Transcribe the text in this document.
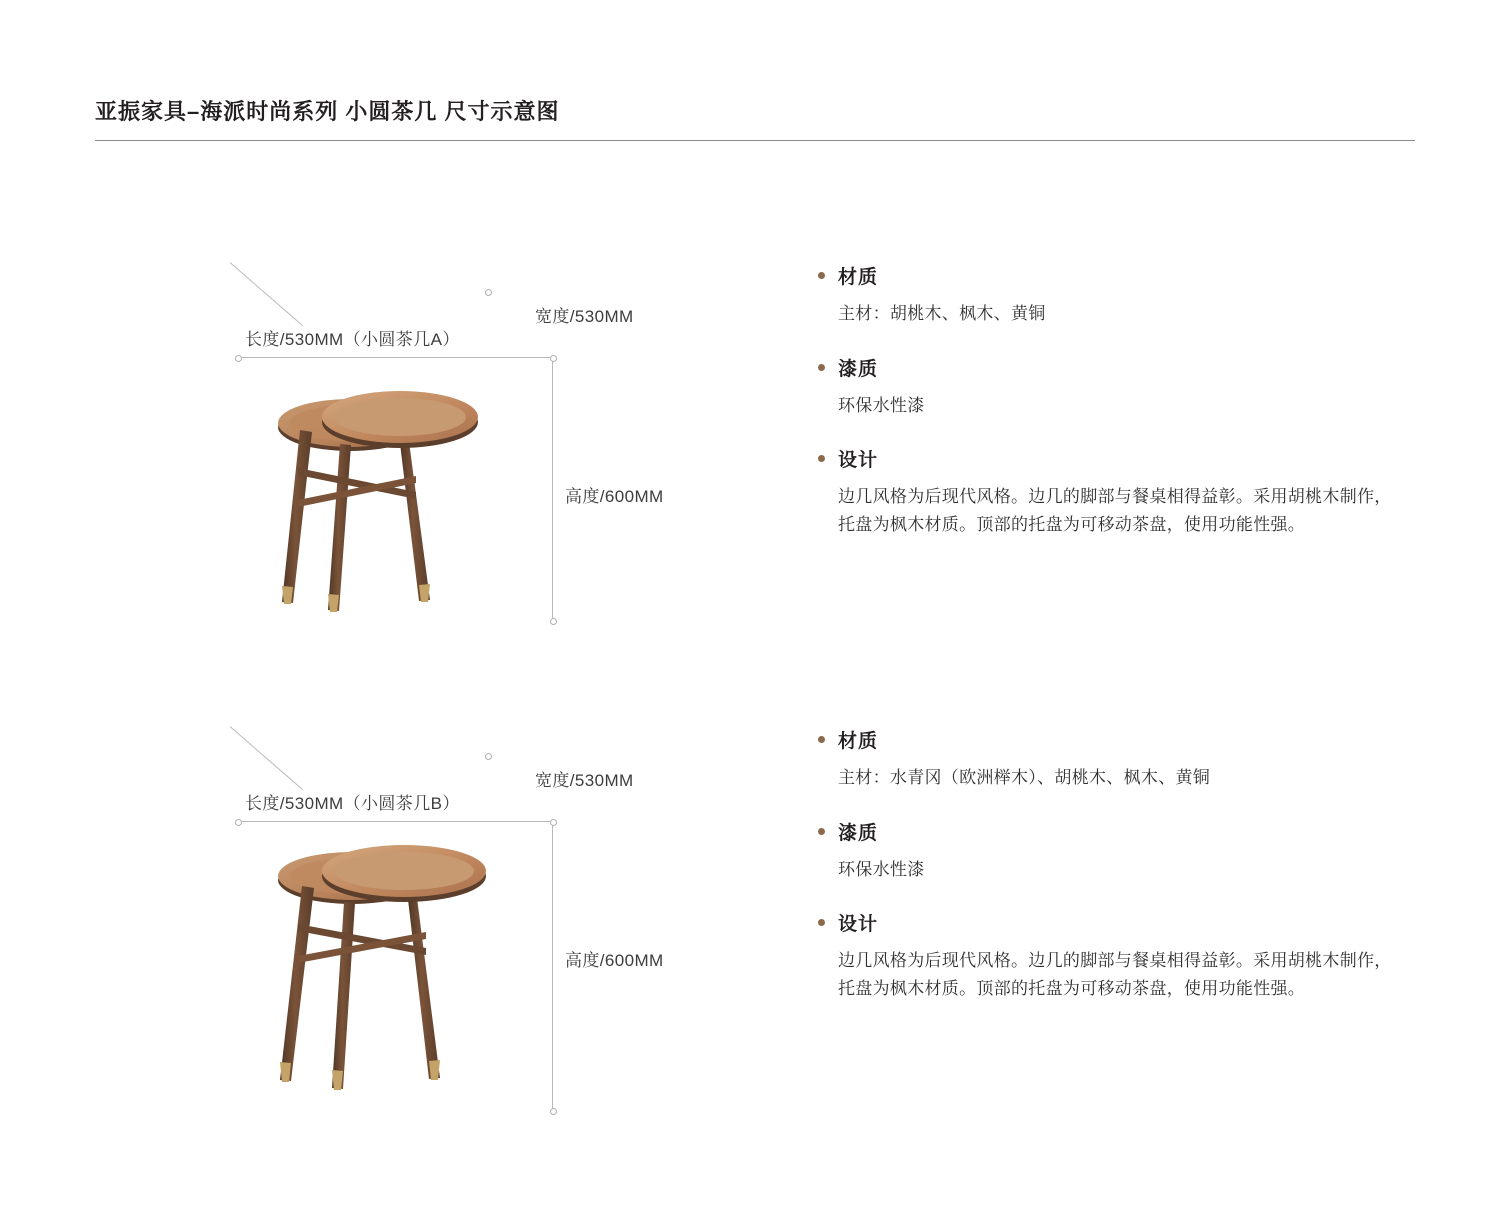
亚振家具–海派时尚系列 小圆茶几 尺寸示意图
长度/530MM（小圆茶几A）
宽度/530MM
高度/600MM
材质
主材：胡桃木、枫木、黄铜
漆质
环保水性漆
设计
边几风格为后现代风格。边几的脚部与餐桌相得益彰。采用胡桃木制作，托盘为枫木材质。顶部的托盘为可移动茶盘，使用功能性强。
长度/530MM（小圆茶几B）
宽度/530MM
高度/600MM
材质
主材：水青冈（欧洲榉木）、胡桃木、枫木、黄铜
漆质
环保水性漆
设计
边几风格为后现代风格。边几的脚部与餐桌相得益彰。采用胡桃木制作，托盘为枫木材质。顶部的托盘为可移动茶盘，使用功能性强。
